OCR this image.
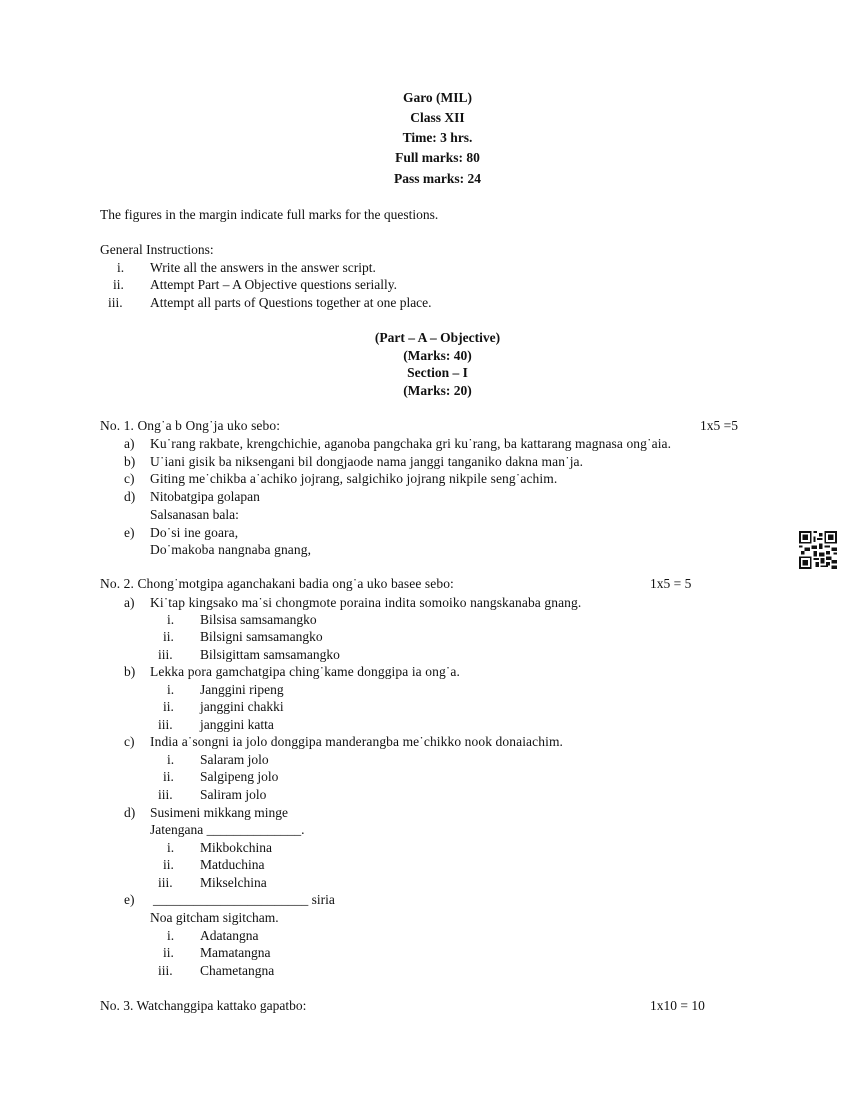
Garo (MIL)
Class XII
Time: 3 hrs.
Full marks: 80
Pass marks: 24
The figures in the margin indicate full marks for the questions.
General Instructions:
i. Write all the answers in the answer script.
ii. Attempt Part – A Objective questions serially.
iii. Attempt all parts of Questions together at one place.
(Part – A – Objective)
(Marks: 40)
Section – I
(Marks: 20)
No. 1. Ong˙a b Ong˙ja uko sebo:	1x5 =5
a) Ku˙rang rakbate, krengchichie, aganoba pangchaka gri ku˙rang, ba kattarang magnasa ong˙aia.
b) U˙iani gisik ba niksengani bil dongjaode nama janggi tanganiko dakna man˙ja.
c) Giting me˙chikba a˙achiko jojrang, salgichiko jojrang nikpile seng˙achim.
d) Nitobatgipa golapan
Salsanasan bala:
e) Do˙si ine goara,
Do˙makoba nangnaba gnang,
No. 2. Chong˙motgipa aganchakani badia ong˙a uko basee sebo:	1x5 = 5
a) Ki˙tap kingsako ma˙si chongmote poraina indita somoiko nangskanaba gnang.
i. Bilsisa samsamangko
ii. Bilsigni samsamangko
iii. Bilsigittam samsamangko
b) Lekka pora gamchatgipa ching˙kame donggipa ia ong˙a.
i. Janggini ripeng
ii. janggini chakki
iii. janggini katta
c) India a˙songni ia jolo donggipa manderangba me˙chikko nook donaiachim.
i. Salaram jolo
ii. Salgipeng jolo
iii. Saliram jolo
d) Susimeni mikkang minge
Jatengana ______________.
i. Mikbokchina
ii. Matduchina
iii. Mikselchina
e) _______________________ siria
Noa gitcham sigitcham.
i. Adatangna
ii. Mamatangna
iii. Chametangna
No. 3. Watchanggipa kattako gapatbo:	1x10 = 10
